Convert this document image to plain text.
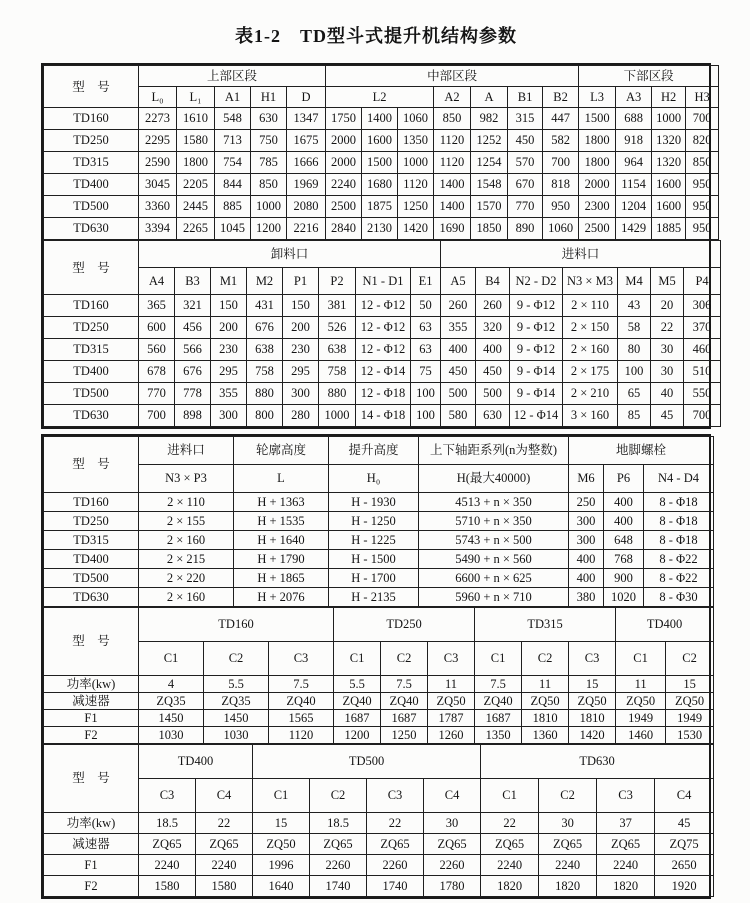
表1-2　TD型斗式提升机结构参数
型　号	上部区段					中部区段							下部区段			
	L₀	L₁	A1	H1	D	L2			A2	A	B1	B2	L3	A3	H2	H3
TD160	2273	1610	548	630	1347	1750	1400	1060	850	982	315	447	1500	688	1000	700
TD250	2295	1580	713	750	1675	2000	1600	1350	1120	1252	450	582	1800	918	1320	820
TD315	2590	1800	754	785	1666	2000	1500	1000	1120	1254	570	700	1800	964	1320	850
TD400	3045	2205	844	850	1969	2240	1680	1120	1400	1548	670	818	2000	1154	1600	950
TD500	3360	2445	885	1000	2080	2500	1875	1250	1400	1570	770	950	2300	1204	1600	950
TD630	3394	2265	1045	1200	2216	2840	2130	1420	1690	1850	890	1060	2500	1429	1885	950
型　号	卸料口								进料口						
	A4	B3	M1	M2	P1	P2	N1 - D1	E1	A5	B4	N2 - D2	N3 × M3	M4	M5	P4
TD160	365	321	150	431	150	381	12 - Φ12	50	260	260	9 - Φ12	2 × 110	43	20	306
TD250	600	456	200	676	200	526	12 - Φ12	63	355	320	9 - Φ12	2 × 150	58	22	370
TD315	560	566	230	638	230	638	12 - Φ12	63	400	400	9 - Φ12	2 × 160	80	30	460
TD400	678	676	295	758	295	758	12 - Φ14	75	450	450	9 - Φ14	2 × 175	100	30	510
TD500	770	778	355	880	300	880	12 - Φ18	100	500	500	9 - Φ14	2 × 210	65	40	550
TD630	700	898	300	800	280	1000	14 - Φ18	100	580	630	12 - Φ14	3 × 160	85	45	700
型　号	进料口	轮廓高度	提升高度	上下轴距系列(n为整数)	地脚螺栓		
	N3 × P3	L	H₀	H(最大40000)	M6	P6	N4 - D4
TD160	2 × 110	H + 1363	H - 1930	4513 + n × 350	250	400	8 - Φ18
TD250	2 × 155	H + 1535	H - 1250	5710 + n × 350	300	400	8 - Φ18
TD315	2 × 160	H + 1640	H - 1225	5743 + n × 500	300	648	8 - Φ18
TD400	2 × 215	H + 1790	H - 1500	5490 + n × 560	400	768	8 - Φ22
TD500	2 × 220	H + 1865	H - 1700	6600 + n × 625	400	900	8 - Φ22
TD630	2 × 160	H + 2076	H - 2135	5960 + n × 710	380	1020	8 - Φ30
型　号	TD160			TD250			TD315			TD400	
	C1	C2	C3	C1	C2	C3	C1	C2	C3	C1	C2
功率(kw)	4	5.5	7.5	5.5	7.5	11	7.5	11	15	11	15
减速器	ZQ35	ZQ35	ZQ40	ZQ40	ZQ40	ZQ50	ZQ40	ZQ50	ZQ50	ZQ50	ZQ50
F1	1450	1450	1565	1687	1687	1787	1687	1810	1810	1949	1949
F2	1030	1030	1120	1200	1250	1260	1350	1360	1420	1460	1530
型　号	TD400		TD500				TD630			
	C3	C4	C1	C2	C3	C4	C1	C2	C3	C4
功率(kw)	18.5	22	15	18.5	22	30	22	30	37	45
减速器	ZQ65	ZQ65	ZQ50	ZQ65	ZQ65	ZQ65	ZQ65	ZQ65	ZQ65	ZQ75
F1	2240	2240	1996	2260	2260	2260	2240	2240	2240	2650
F2	1580	1580	1640	1740	1740	1780	1820	1820	1820	1920
